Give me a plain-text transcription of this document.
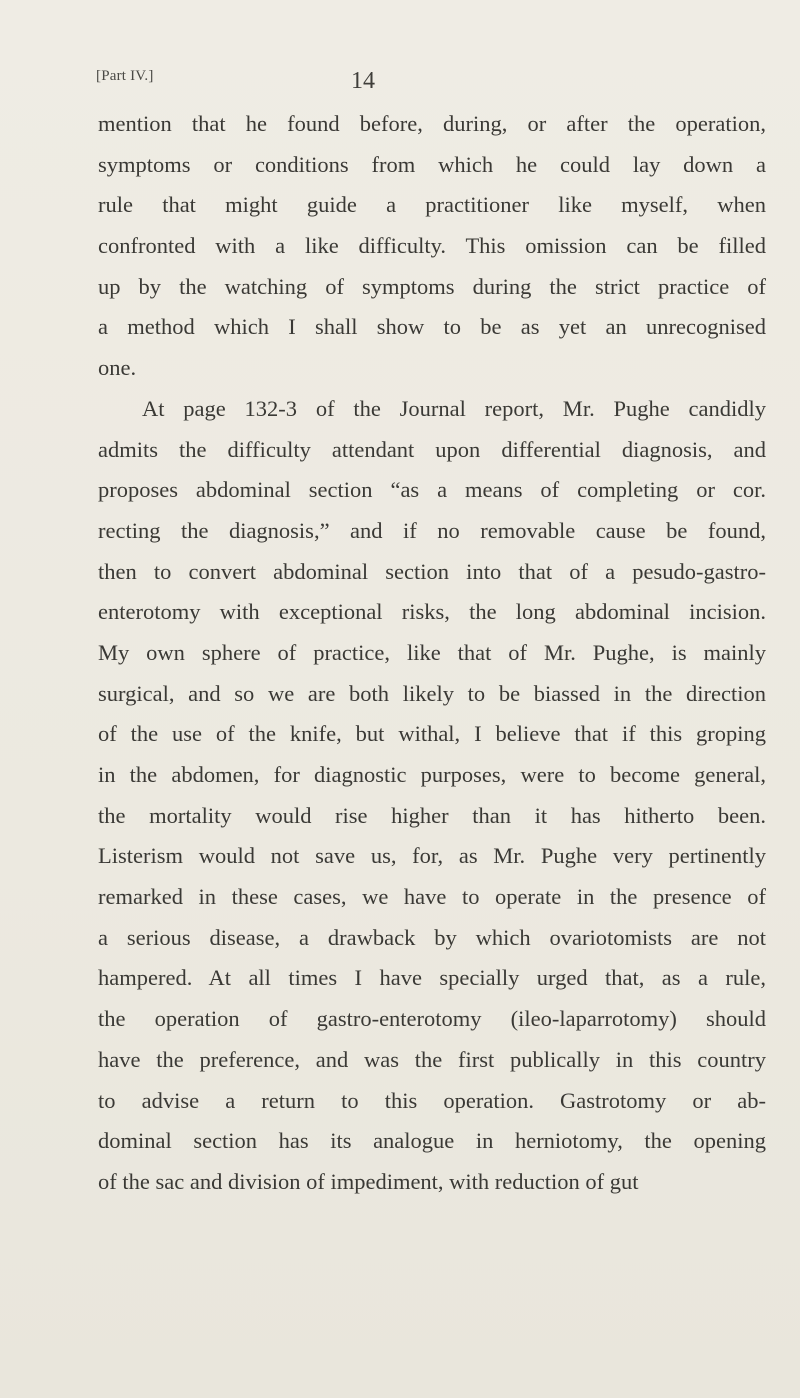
[Part IV.]	14
mention that he found before, during, or after the operation,
symptoms or conditions from which he could lay down a
rule that might guide a practitioner like myself, when
confronted with a like difficulty. This omission can be filled
up by the watching of symptoms during the strict practice of
a method which I shall show to be as yet an unrecognised
one.
At page 132-3 of the Journal report, Mr. Pughe candidly
admits the difficulty attendant upon differential diagnosis, and
proposes abdominal section “as a means of completing or cor.
recting the diagnosis,” and if no removable cause be found,
then to convert abdominal section into that of a pesudo-gastro-
enterotomy with exceptional risks, the long abdominal incision.
My own sphere of practice, like that of Mr. Pughe, is mainly
surgical, and so we are both likely to be biassed in the direction
of the use of the knife, but withal, I believe that if this groping
in the abdomen, for diagnostic purposes, were to become general,
the mortality would rise higher than it has hitherto been.
Listerism would not save us, for, as Mr. Pughe very pertinently
remarked in these cases, we have to operate in the presence of
a serious disease, a drawback by which ovariotomists are not
hampered. At all times I have specially urged that, as a rule,
the operation of gastro-enterotomy (ileo-laparrotomy) should
have the preference, and was the first publically in this country
to advise a return to this operation. Gastrotomy or ab-
dominal section has its analogue in herniotomy, the opening
of the sac and division of impediment, with reduction of gut
